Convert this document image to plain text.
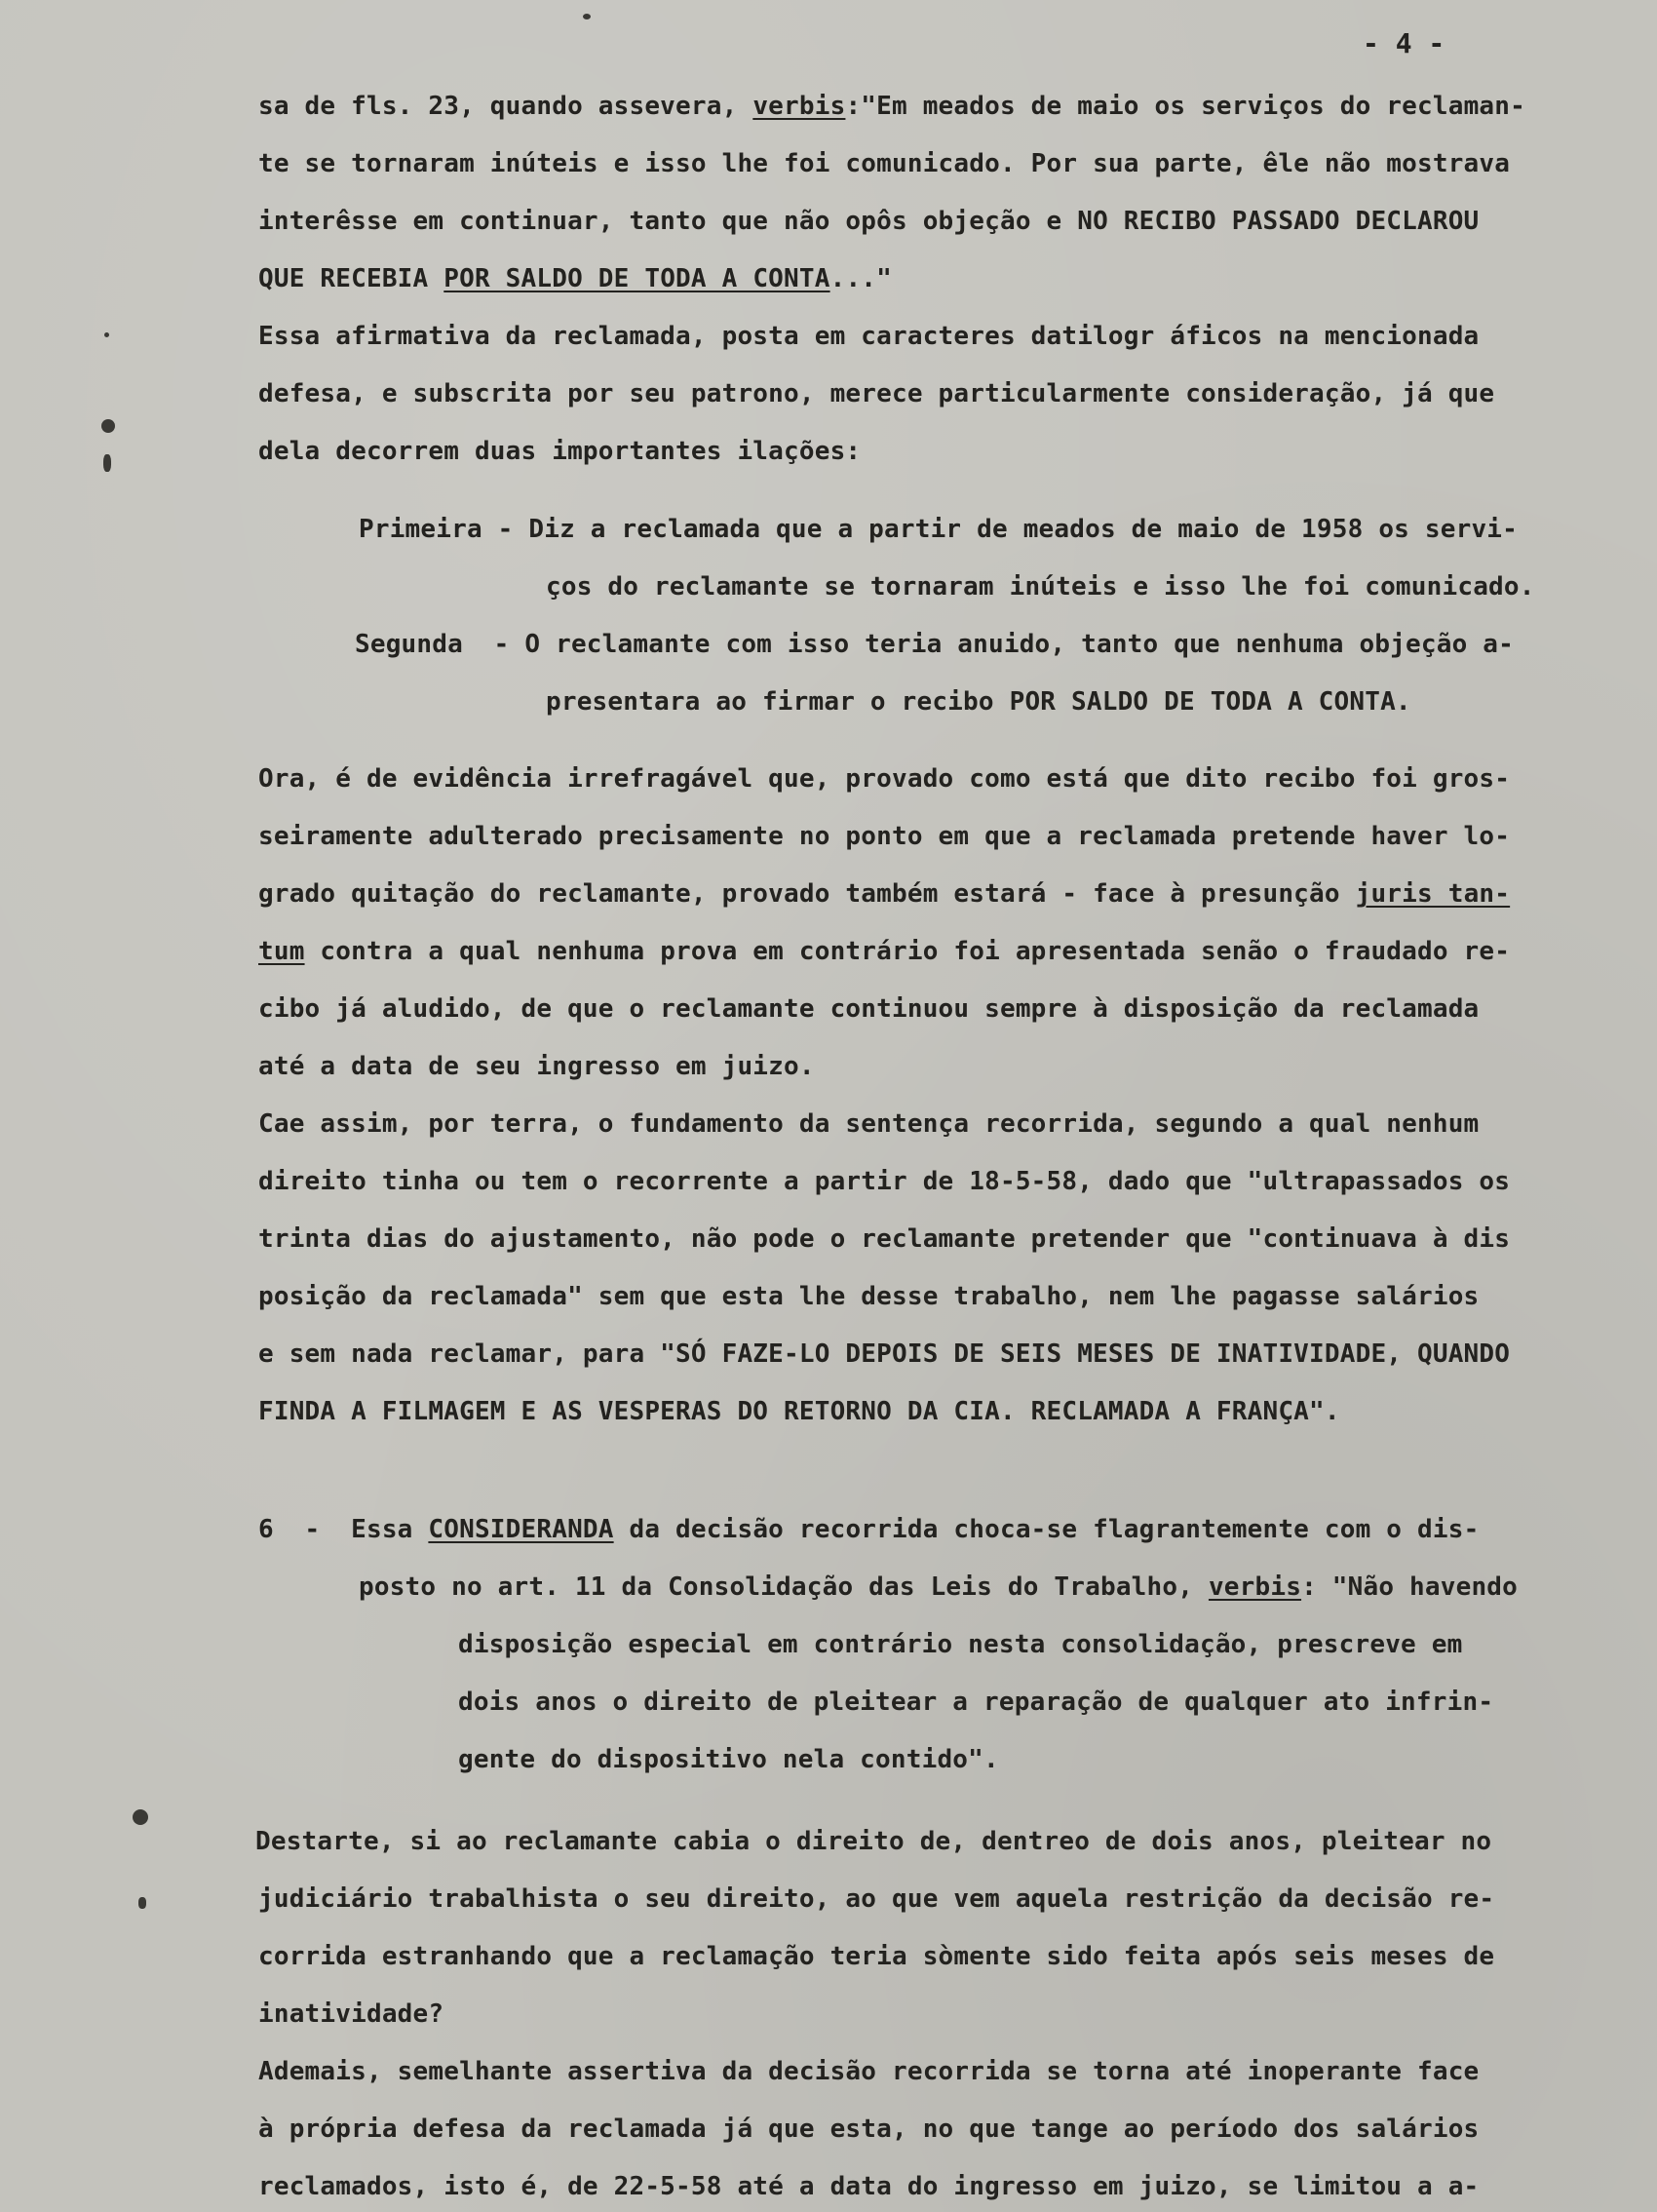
- 4 -
sa de fls. 23, quando assevera, verbis:"Em meados de maio os serviços do reclaman-
te se tornaram inúteis e isso lhe foi comunicado. Por sua parte, êle não mostrava
interêsse em continuar, tanto que não opôs objeção e NO RECIBO PASSADO DECLAROU
QUE RECEBIA POR SALDO DE TODA A CONTA..."
Essa afirmativa da reclamada, posta em caracteres datilogr áficos na mencionada
defesa, e subscrita por seu patrono, merece particularmente consideração, já que
dela decorrem duas importantes ilações:
Primeira - Diz a reclamada que a partir de meados de maio de 1958 os servi-
ços do reclamante se tornaram inúteis e isso lhe foi comunicado.
Segunda  - O reclamante com isso teria anuido, tanto que nenhuma objeção a-
presentara ao firmar o recibo POR SALDO DE TODA A CONTA.
Ora, é de evidência irrefragável que, provado como está que dito recibo foi gros-
seiramente adulterado precisamente no ponto em que a reclamada pretende haver lo-
grado quitação do reclamante, provado também estará - face à presunção juris tan-
tum contra a qual nenhuma prova em contrário foi apresentada senão o fraudado re-
cibo já aludido, de que o reclamante continuou sempre à disposição da reclamada
até a data de seu ingresso em juizo.
Cae assim, por terra, o fundamento da sentença recorrida, segundo a qual nenhum
direito tinha ou tem o recorrente a partir de 18-5-58, dado que "ultrapassados os
trinta dias do ajustamento, não pode o reclamante pretender que "continuava à dis
posição da reclamada" sem que esta lhe desse trabalho, nem lhe pagasse salários
e sem nada reclamar, para "SÓ FAZE-LO DEPOIS DE SEIS MESES DE INATIVIDADE, QUANDO
FINDA A FILMAGEM E AS VESPERAS DO RETORNO DA CIA. RECLAMADA A FRANÇA".
6  -  Essa CONSIDERANDA da decisão recorrida choca-se flagrantemente com o dis-
posto no art. 11 da Consolidação das Leis do Trabalho, verbis: "Não havendo
disposição especial em contrário nesta consolidação, prescreve em
dois anos o direito de pleitear a reparação de qualquer ato infrin-
gente do dispositivo nela contido".
Destarte, si ao reclamante cabia o direito de, dentreo de dois anos, pleitear no
judiciário trabalhista o seu direito, ao que vem aquela restrição da decisão re-
corrida estranhando que a reclamação teria sòmente sido feita após seis meses de
inatividade?
Ademais, semelhante assertiva da decisão recorrida se torna até inoperante face
à própria defesa da reclamada já que esta, no que tange ao período dos salários
reclamados, isto é, de 22-5-58 até a data do ingresso em juizo, se limitou a a-
